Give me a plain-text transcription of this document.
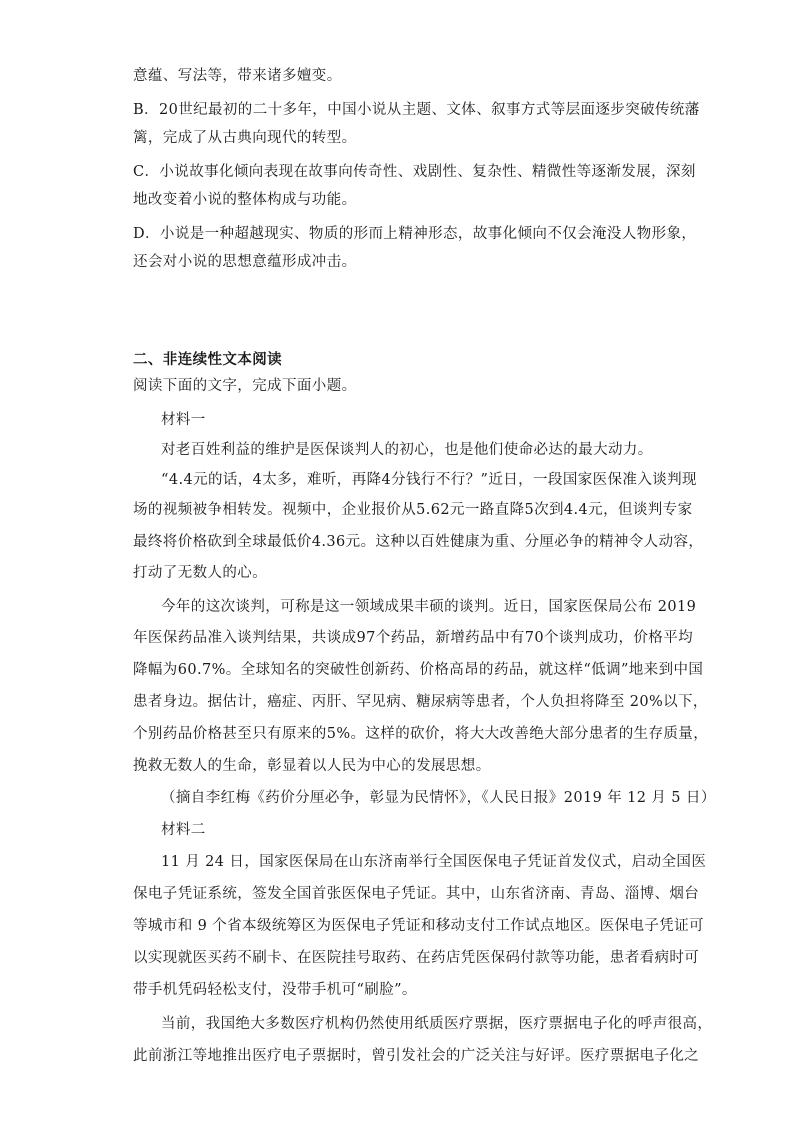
意蕴、写法等，带来诸多嬗变。
B．20世纪最初的二十多年，中国小说从主题、文体、叙事方式等层面逐步突破传统藩
篱，完成了从古典向现代的转型。
C．小说故事化倾向表现在故事向传奇性、戏剧性、复杂性、精微性等逐渐发展，深刻
地改变着小说的整体构成与功能。
D．小说是一种超越现实、物质的形而上精神形态，故事化倾向不仅会淹没人物形象，
还会对小说的思想意蕴形成冲击。
二、非连续性文本阅读
阅读下面的文字，完成下面小题。
材料一
对老百姓利益的维护是医保谈判人的初心，也是他们使命必达的最大动力。
“4.4元的话，4太多，难听，再降4分钱行不行？”近日，一段国家医保准入谈判现
场的视频被争相转发。视频中，企业报价从5.62元一路直降5次到4.4元，但谈判专家
最终将价格砍到全球最低价4.36元。这种以百姓健康为重、分厘必争的精神令人动容，
打动了无数人的心。
今年的这次谈判，可称是这一领域成果丰硕的谈判。近日，国家医保局公布 2019
年医保药品准入谈判结果，共谈成97个药品，新增药品中有70个谈判成功，价格平均
降幅为60.7%。全球知名的突破性创新药、价格高昂的药品，就这样“低调”地来到中国
患者身边。据估计，癌症、丙肝、罕见病、糖尿病等患者，个人负担将降至 20%以下，
个别药品价格甚至只有原来的5%。这样的砍价，将大大改善绝大部分患者的生存质量，
挽救无数人的生命，彰显着以人民为中心的发展思想。
（摘自李红梅《药价分厘必争，彰显为民情怀》，《人民日报》2019 年 12 月 5 日）
材料二
11 月 24 日，国家医保局在山东济南举行全国医保电子凭证首发仪式，启动全国医
保电子凭证系统，签发全国首张医保电子凭证。其中，山东省济南、青岛、淄博、烟台
等城市和 9 个省本级统筹区为医保电子凭证和移动支付工作试点地区。医保电子凭证可
以实现就医买药不刷卡、在医院挂号取药、在药店凭医保码付款等功能，患者看病时可
带手机凭码轻松支付，没带手机可“刷脸”。
当前，我国绝大多数医疗机构仍然使用纸质医疗票据，医疗票据电子化的呼声很高，
此前浙江等地推出医疗电子票据时，曾引发社会的广泛关注与好评。医疗票据电子化之
